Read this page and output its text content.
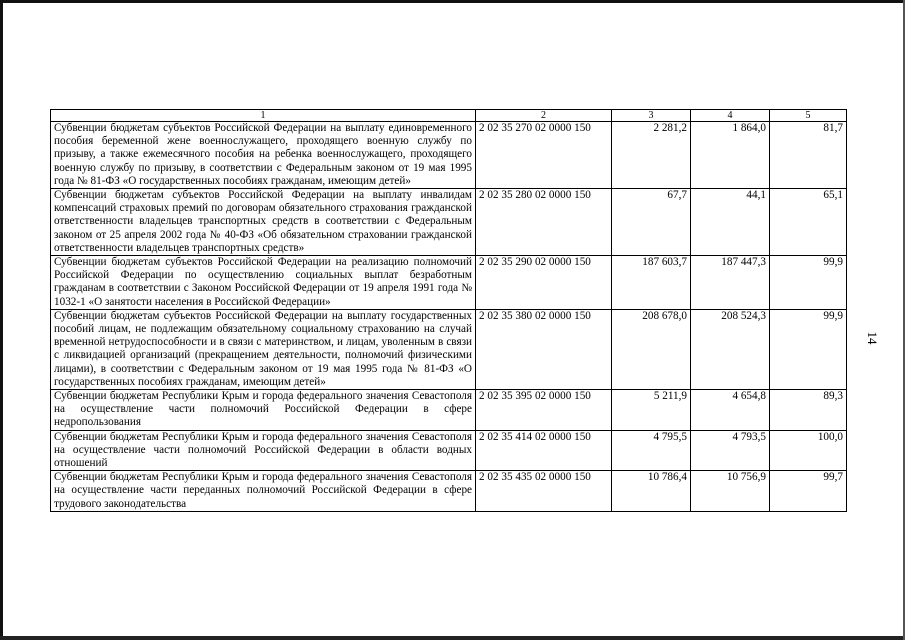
1	2	3	4	5
Субвенции бюджетам субъектов Российской Федерации на выплату единовременного пособия беременной жене военнослужащего, проходящего военную службу по призыву, а также ежемесячного пособия на ребенка военнослужащего, проходящего военную службу по призыву, в соответствии с Федеральным законом от 19 мая 1995 года № 81-ФЗ «О государственных пособиях гражданам, имеющим детей»	2 02 35 270 02 0000 150	2 281,2	1 864,0	81,7
Субвенции бюджетам субъектов Российской Федерации на выплату инвалидам компенсаций страховых премий по договорам обязательного страхования гражданской ответственности владельцев транспортных средств в соответствии с Федеральным законом от 25 апреля 2002 года № 40-ФЗ «Об обязательном страховании гражданской ответственности владельцев транспортных средств»	2 02 35 280 02 0000 150	67,7	44,1	65,1
Субвенции бюджетам субъектов Российской Федерации на реализацию полномочий Российской Федерации по осуществлению социальных выплат безработным гражданам в соответствии с Законом Российской Федерации от 19 апреля 1991 года № 1032-1 «О занятости населения в Российской Федерации»	2 02 35 290 02 0000 150	187 603,7	187 447,3	99,9
Субвенции бюджетам субъектов Российской Федерации на выплату государственных пособий лицам, не подлежащим обязательному социальному страхованию на случай временной нетрудоспособности и в связи с материнством, и лицам, уволенным в связи с ликвидацией организаций (прекращением деятельности, полномочий физическими лицами), в соответствии с Федеральным законом от 19 мая 1995 года № 81-ФЗ «О государственных пособиях гражданам, имеющим детей»	2 02 35 380 02 0000 150	208 678,0	208 524,3	99,9
Субвенции бюджетам Республики Крым и города федерального значения Севастополя на осуществление части полномочий Российской Федерации в сфере недропользования	2 02 35 395 02 0000 150	5 211,9	4 654,8	89,3
Субвенции бюджетам Республики Крым и города федерального значения Севастополя на осуществление части полномочий Российской Федерации в области водных отношений	2 02 35 414 02 0000 150	4 795,5	4 793,5	100,0
Субвенции бюджетам Республики Крым и города федерального значения Севастополя на осуществление части переданных полномочий Российской Федерации в сфере трудового законодательства	2 02 35 435 02 0000 150	10 786,4	10 756,9	99,7
14
